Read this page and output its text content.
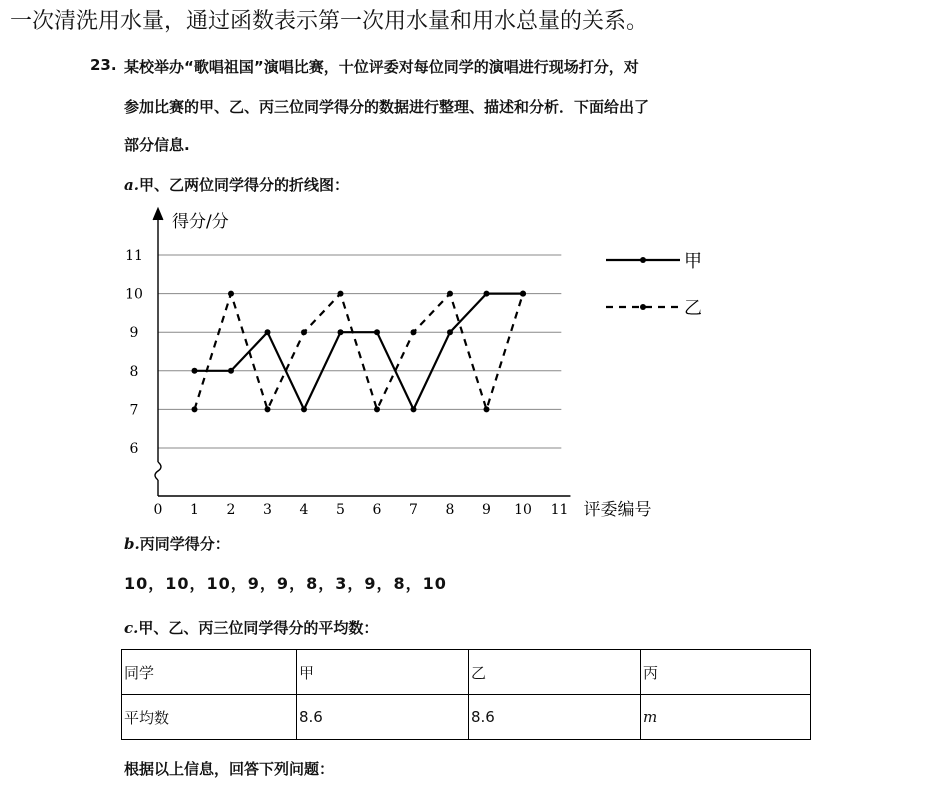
一次清洗用水量，通过函数表示第一次用水量和用水总量的关系。
23. 某校举办“歌唱祖国”演唱比赛，十位评委对每位同学的演唱进行现场打分，对
参加比赛的甲、乙、丙三位同学得分的数据进行整理、描述和分析．下面给出了
部分信息.
a.甲、乙两位同学得分的折线图：
得分/分
6
7
8
9
10
11
0 1 2 3 4 5 6 7 8 9 10 11 评委编号
甲
乙
b.丙同学得分：
10，10，10，9，9，8，3，9，8，10
c.甲、乙、丙三位同学得分的平均数：
同学	甲	乙	丙
平均数	8.6	8.6	m
根据以上信息，回答下列问题：
